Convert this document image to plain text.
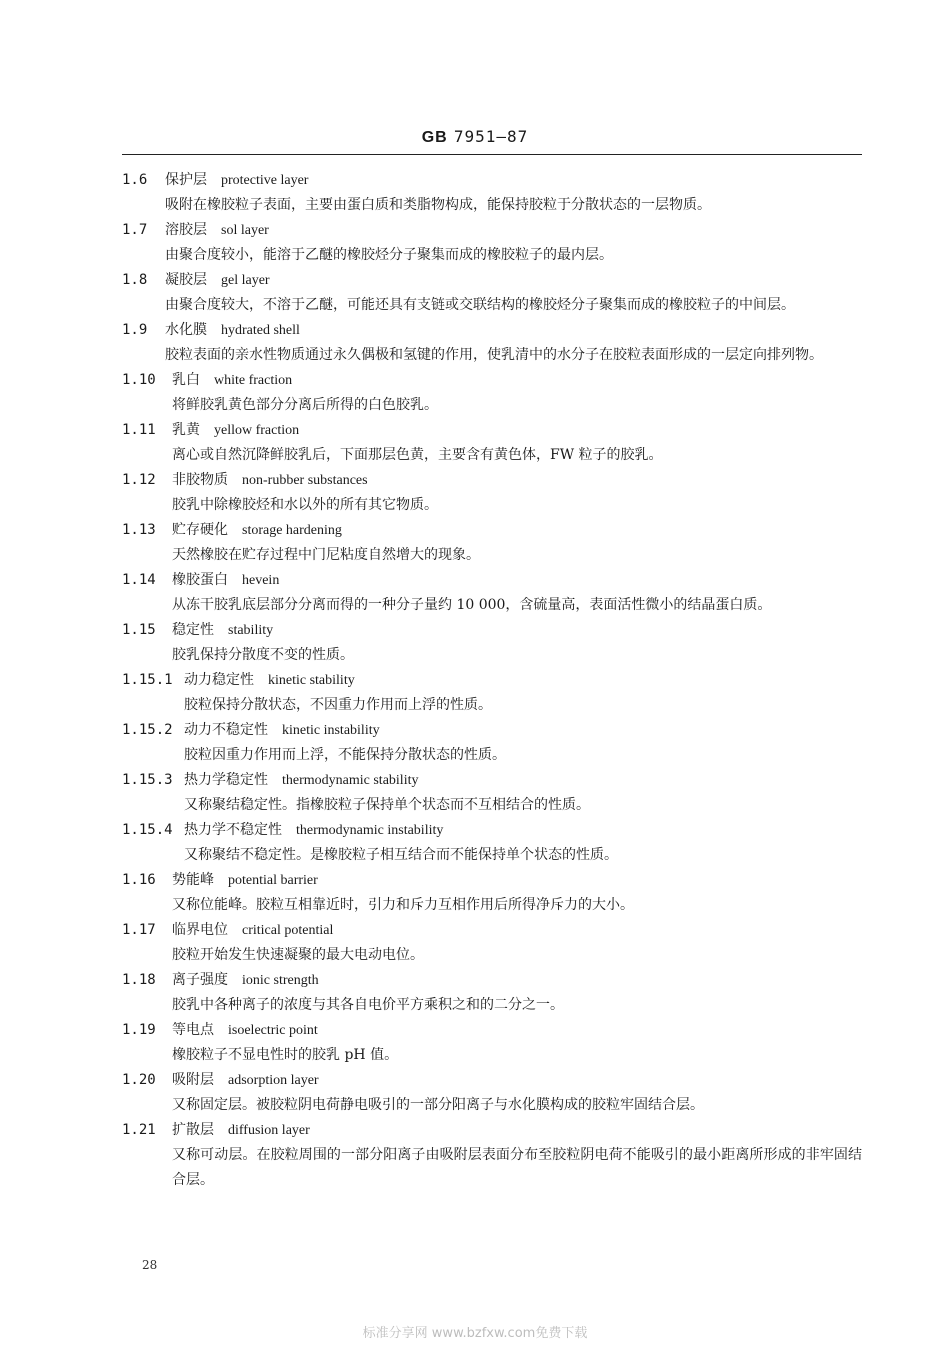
GB 7951—87
1.6 保护层 protective layer
吸附在橡胶粒子表面，主要由蛋白质和类脂物构成，能保持胶粒于分散状态的一层物质。
1.7 溶胶层 sol layer
由聚合度较小，能溶于乙醚的橡胶烃分子聚集而成的橡胶粒子的最内层。
1.8 凝胶层 gel layer
由聚合度较大，不溶于乙醚，可能还具有支链或交联结构的橡胶烃分子聚集而成的橡胶粒子的中间层。
1.9 水化膜 hydrated shell
胶粒表面的亲水性物质通过永久偶极和氢键的作用，使乳清中的水分子在胶粒表面形成的一层定向排列物。
1.10 乳白 white fraction
将鲜胶乳黄色部分分离后所得的白色胶乳。
1.11 乳黄 yellow fraction
离心或自然沉降鲜胶乳后，下面那层色黄，主要含有黄色体，FW 粒子的胶乳。
1.12 非胶物质 non-rubber substances
胶乳中除橡胶烃和水以外的所有其它物质。
1.13 贮存硬化 storage hardening
天然橡胶在贮存过程中门尼粘度自然增大的现象。
1.14 橡胶蛋白 hevein
从冻干胶乳底层部分分离而得的一种分子量约 10 000，含硫量高，表面活性微小的结晶蛋白质。
1.15 稳定性 stability
胶乳保持分散度不变的性质。
1.15.1 动力稳定性 kinetic stability
胶粒保持分散状态，不因重力作用而上浮的性质。
1.15.2 动力不稳定性 kinetic instability
胶粒因重力作用而上浮，不能保持分散状态的性质。
1.15.3 热力学稳定性 thermodynamic stability
又称聚结稳定性。指橡胶粒子保持单个状态而不互相结合的性质。
1.15.4 热力学不稳定性 thermodynamic instability
又称聚结不稳定性。是橡胶粒子相互结合而不能保持单个状态的性质。
1.16 势能峰 potential barrier
又称位能峰。胶粒互相靠近时，引力和斥力互相作用后所得净斥力的大小。
1.17 临界电位 critical potential
胶粒开始发生快速凝聚的最大电动电位。
1.18 离子强度 ionic strength
胶乳中各种离子的浓度与其各自电价平方乘积之和的二分之一。
1.19 等电点 isoelectric point
橡胶粒子不显电性时的胶乳 pH 值。
1.20 吸附层 adsorption layer
又称固定层。被胶粒阴电荷静电吸引的一部分阳离子与水化膜构成的胶粒牢固结合层。
1.21 扩散层 diffusion layer
又称可动层。在胶粒周围的一部分阳离子由吸附层表面分布至胶粒阴电荷不能吸引的最小距离所形成的非牢固结合层。
28
标准分享网 www.bzfxw.com免费下载
